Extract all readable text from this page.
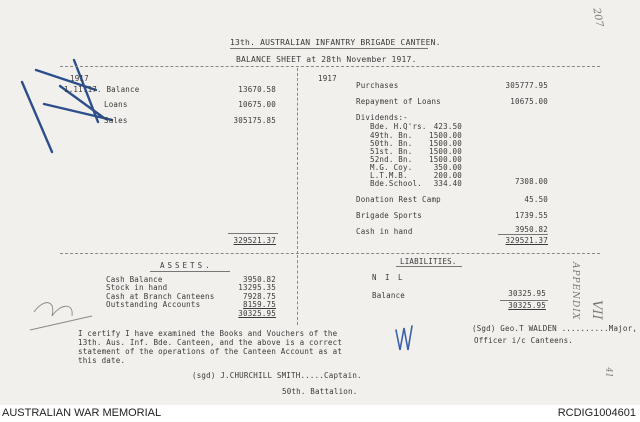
207
13th. AUSTRALIAN INFANTRY BRIGADE CANTEEN.
BALANCE SHEET at 28th November 1917.
1917
1.11.17. Balance	13670.58
Loans	10675.00
Sales	305175.85
329521.37
1917
Purchases	305777.95
Repayment of Loans	10675.00
Dividends:-
Bde. H.Q'rs. 423.50
49th. Bn.	1500.00
50th. Bn.	1500.00
51st. Bn.	1500.00
52nd. Bn.	1500.00
M.G. Coy.	350.00
L.T.M.B.	200.00
Bde.School.	334.40	7308.00
Donation Rest Camp	45.50
Brigade Sports	1739.55
Cash in hand	3950.82
329521.37
ASSETS.
Cash Balance	3950.82
Stock in hand	13295.35
Cash at Branch Canteens	7928.75
Outstanding Accounts	8159.75
30325.95
LIABILITIES.
N I L
Balance	30325.95
30325.95
I certify I have examined the Books and Vouchers of the
13th. Aus. Inf. Bde. Canteen, and the above is a correct
statement of the operations of the Canteen Account as at
this date.
(sgd) J.CHURCHILL SMITH.....Captain.
50th. Battalion.
(Sgd) Geo.T WALDEN ..........Major,
Officer i/c Canteens.
APPENDIX VII
41
AUSTRALIAN WAR MEMORIAL	RCDIG1004601
